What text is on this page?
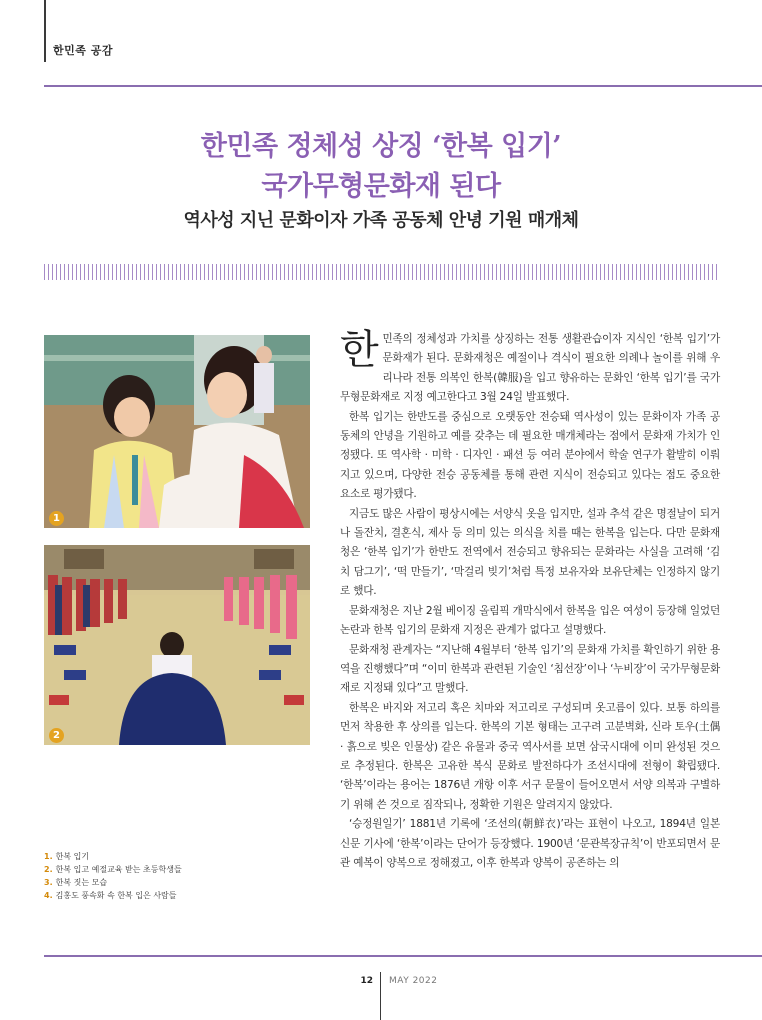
한민족 공감
한민족 정체성 상징 ‘한복 입기’
국가무형문화재 된다
역사성 지닌 문화이자 가족 공동체 안녕 기원 매개체
1
2
1. 한복 입기
2. 한복 입고 예절교육 받는 초등학생들
3. 한복 짓는 모습
4. 김홍도 풍속화 속 한복 입은 사람들

한민족의 정체성과 가치를 상징하는 전통 생활관습이자 지식인 ‘한복 입기’가 문화재가 된다. 문화재청은 예절이나 격식이 필요한 의례나 놀이를 위해 우리나라 전통 의복인 한복(韓服)을 입고 향유하는 문화인 ‘한복 입기’를 국가무형문화재로 지정 예고한다고 3월 24일 발표했다.

한복 입기는 한반도를 중심으로 오랫동안 전승돼 역사성이 있는 문화이자 가족 공동체의 안녕을 기원하고 예를 갖추는 데 필요한 매개체라는 점에서 문화재 가치가 인정됐다. 또 역사학 · 미학 · 디자인 · 패션 등 여러 분야에서 학술 연구가 활발히 이뤄지고 있으며, 다양한 전승 공동체를 통해 관련 지식이 전승되고 있다는 점도 중요한 요소로 평가됐다.

지금도 많은 사람이 평상시에는 서양식 옷을 입지만, 설과 추석 같은 명절날이 되거나 돌잔치, 결혼식, 제사 등 의미 있는 의식을 치를 때는 한복을 입는다. 다만 문화재청은 ‘한복 입기’가 한반도 전역에서 전승되고 향유되는 문화라는 사실을 고려해 ‘김치 담그기’, ‘떡 만들기’, ‘막걸리 빚기’처럼 특정 보유자와 보유단체는 인정하지 않기로 했다.

문화재청은 지난 2월 베이징 올림픽 개막식에서 한복을 입은 여성이 등장해 일었던 논란과 한복 입기의 문화재 지정은 관계가 없다고 설명했다.

문화재청 관계자는 “지난해 4월부터 ‘한복 입기’의 문화재 가치를 확인하기 위한 용역을 진행했다”며 “이미 한복과 관련된 기술인 ‘침선장’이나 ‘누비장’이 국가무형문화재로 지정돼 있다”고 말했다.

한복은 바지와 저고리 혹은 치마와 저고리로 구성되며 옷고름이 있다. 보통 하의를 먼저 착용한 후 상의를 입는다. 한복의 기본 형태는 고구려 고분벽화, 신라 토우(土偶 · 흙으로 빚은 인물상) 같은 유물과 중국 역사서를 보면 삼국시대에 이미 완성된 것으로 추정된다. 한복은 고유한 복식 문화로 발전하다가 조선시대에 전형이 확립됐다. ‘한복’이라는 용어는 1876년 개항 이후 서구 문물이 들어오면서 서양 의복과 구별하기 위해 쓴 것으로 짐작되나, 정확한 기원은 알려지지 않았다.

‘승정원일기’ 1881년 기록에 ‘조선의(朝鮮衣)’라는 표현이 나오고, 1894년 일본 신문 기사에 ‘한복’이라는 단어가 등장했다. 1900년 ‘문관복장규칙’이 반포되면서 문관 예복이 양복으로 정해졌고, 이후 한복과 양복이 공존하는 의

12 MAY 2022
